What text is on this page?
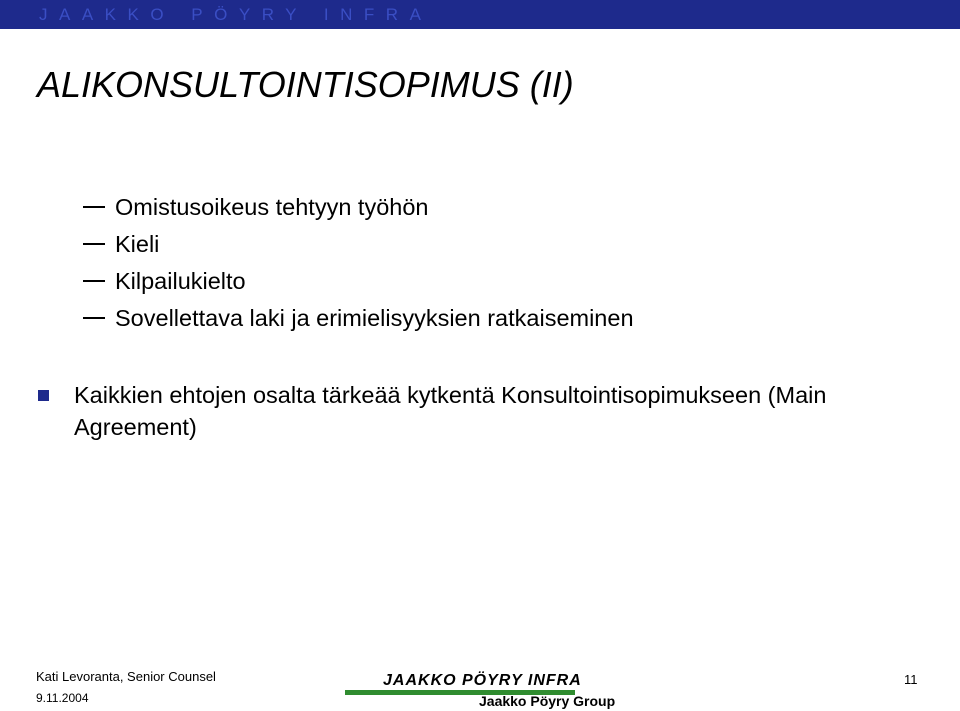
JAAKKO PÖYRY INFRA
ALIKONSULTOINTISOPIMUS (II)
Omistusoikeus tehtyyn työhön
Kieli
Kilpailukielto
Sovellettava laki ja erimielisyyksien ratkaiseminen
Kaikkien ehtojen osalta tärkeää kytkentä Konsultointisopimukseen (Main Agreement)
Kati Levoranta, Senior Counsel
9.11.2004
JAAKKO PÖYRY INFRA
Jaakko Pöyry Group
11
